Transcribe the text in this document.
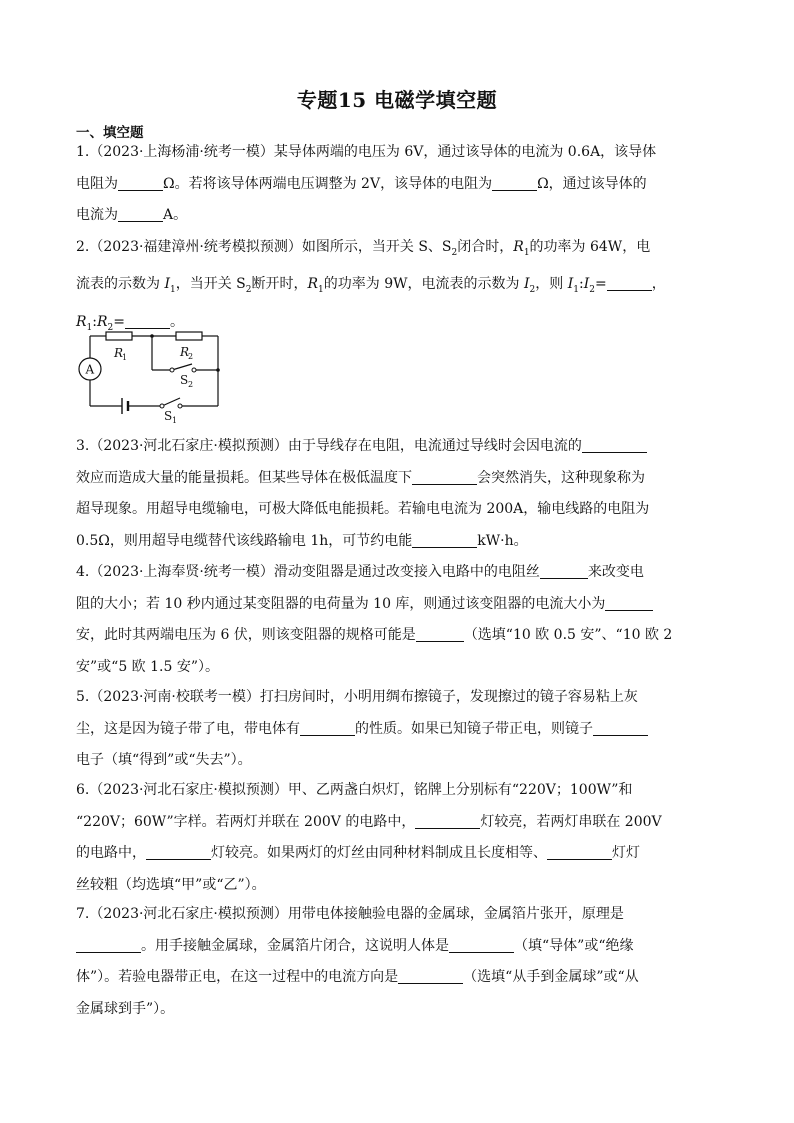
专题15 电磁学填空题
一、填空题
1.（2023·上海杨浦·统考一模）某导体两端的电压为 6V，通过该导体的电流为 0.6A，该导体
电阻为	Ω。若将该导体两端电压调整为 2V，该导体的电阻为	Ω，通过该导体的
电流为	A。
2.（2023·福建漳州·统考模拟预测）如图所示，当开关 S、$S_2$闭合时，$R_1$的功率为 64W，电
流表的示数为 $I_1$，当开关 $S_2$断开时，$R_1$的功率为 9W，电流表的示数为 $I_2$，则 $I_1:I_2=$	，
$R_1:R_2=$	。
R
1	R
2
A
S 2
S 1
3.（2023·河北石家庄·模拟预测）由于导线存在电阻，电流通过导线时会因电流的
效应而造成大量的能量损耗。但某些导体在极低温度下	会突然消失，这种现象称为
超导现象。用超导电缆输电，可极大降低电能损耗。若输电电流为 200A，输电线路的电阻为
0.5Ω，则用超导电缆替代该线路输电 1h，可节约电能	kW·h。
4.（2023·上海奉贤·统考一模）滑动变阻器是通过改变接入电路中的电阻丝	来改变电
阻的大小；若 10 秒内通过某变阻器的电荷量为 10 库，则通过该变阻器的电流大小为
安，此时其两端电压为 6 伏，则该变阻器的规格可能是	（选填“10 欧 0.5 安”、“10 欧 2
安”或“5 欧 1.5 安”）。
5.（2023·河南·校联考一模）打扫房间时，小明用绸布擦镜子，发现擦过的镜子容易粘上灰
尘，这是因为镜子带了电，带电体有	的性质。如果已知镜子带正电，则镜子
电子（填“得到”或“失去”）。
6.（2023·河北石家庄·模拟预测）甲、乙两盏白炽灯，铭牌上分别标有“220V；100W”和
“220V；60W”字样。若两灯并联在 200V 的电路中，	灯较亮，若两灯串联在 200V
的电路中，	灯较亮。如果两灯的灯丝由同种材料制成且长度相等、	灯灯
丝较粗（均选填“甲”或“乙”）。
7.（2023·河北石家庄·模拟预测）用带电体接触验电器的金属球，金属箔片张开，原理是
。用手接触金属球，金属箔片闭合，这说明人体是	（填“导体”或“绝缘
体”）。若验电器带正电，在这一过程中的电流方向是	（选填“从手到金属球”或“从
金属球到手”）。
